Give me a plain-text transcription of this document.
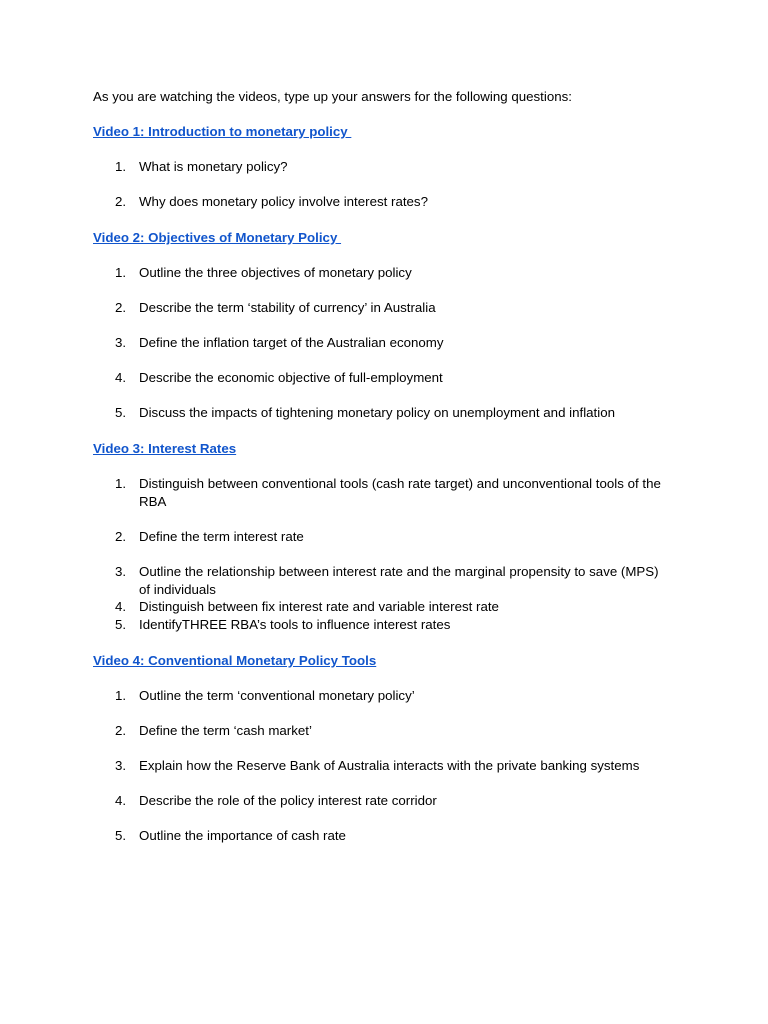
As you are watching the videos, type up your answers for the following questions:
Video 1: Introduction to monetary policy
1. What is monetary policy?
2. Why does monetary policy involve interest rates?
Video 2: Objectives of Monetary Policy
1. Outline the three objectives of monetary policy
2. Describe the term ‘stability of currency’ in Australia
3. Define the inflation target of the Australian economy
4. Describe the economic objective of full-employment
5. Discuss the impacts of tightening monetary policy on unemployment and inflation
Video 3: Interest Rates
1. Distinguish between conventional tools (cash rate target) and unconventional tools of the RBA
2. Define the term interest rate
3. Outline the relationship between interest rate and the marginal propensity to save (MPS) of individuals
4. Distinguish between fix interest rate and variable interest rate
5. IdentifyTHREE RBA’s tools to influence interest rates
Video 4: Conventional Monetary Policy Tools
1. Outline the term ‘conventional monetary policy’
2. Define the term ‘cash market’
3. Explain how the Reserve Bank of Australia interacts with the private banking systems
4. Describe the role of the policy interest rate corridor
5. Outline the importance of cash rate
